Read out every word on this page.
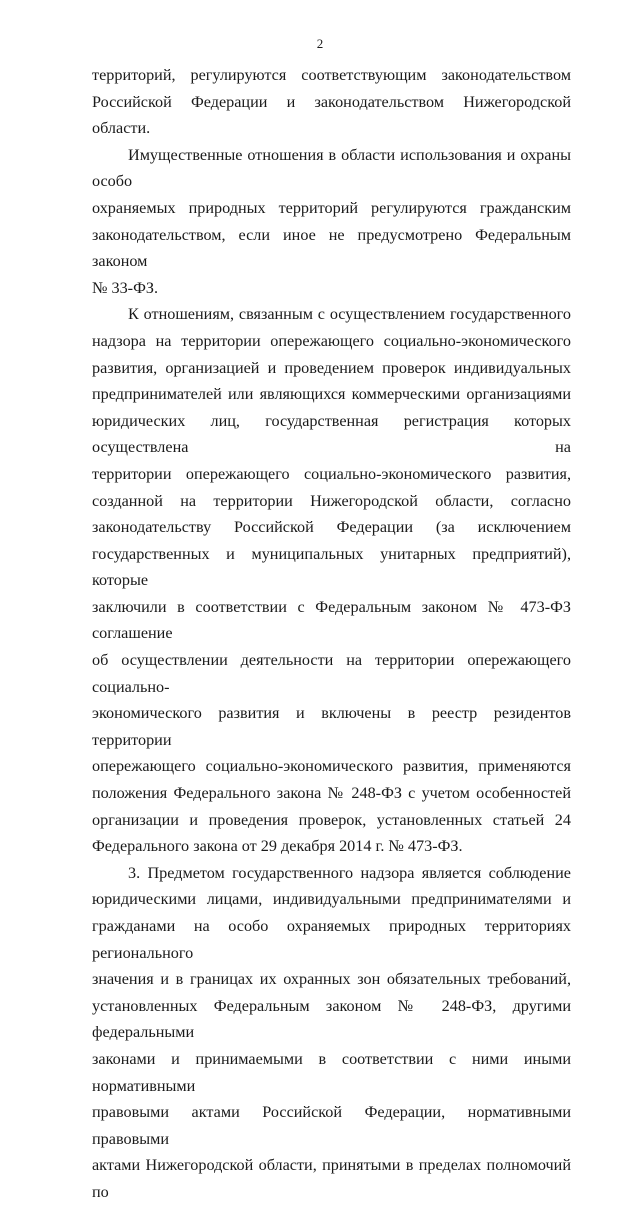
2

территорий, регулируются соответствующим законодательством

Российской Федерации и законодательством Нижегородской области.

Имущественные отношения в области использования и охраны особо

охраняемых природных территорий регулируются гражданским

законодательством, если иное не предусмотрено Федеральным законом

№ 33-ФЗ.

К отношениям, связанным с осуществлением государственного

надзора на территории опережающего социально-экономического

развития, организацией и проведением проверок индивидуальных

предпринимателей или являющихся коммерческими организациями

юридических лиц, государственная регистрация которых осуществлена на

территории опережающего социально-экономического развития,

созданной на территории Нижегородской области, согласно

законодательству Российской Федерации (за исключением

государственных и муниципальных унитарных предприятий), которые

заключили в соответствии с Федеральным законом № 473-ФЗ соглашение

об осуществлении деятельности на территории опережающего социально-

экономического развития и включены в реестр резидентов территории

опережающего социально-экономического развития, применяются

положения Федерального закона № 248-ФЗ с учетом особенностей

организации и проведения проверок, установленных статьей 24

Федерального закона от 29 декабря 2014 г. № 473-ФЗ.

3. Предметом государственного надзора является соблюдение

юридическими лицами, индивидуальными предпринимателями и

гражданами на особо охраняемых природных территориях регионального

значения и в границах их охранных зон обязательных требований,

установленных Федеральным законом № 248-ФЗ, другими федеральными

законами и принимаемыми в соответствии с ними иными нормативными

правовыми актами Российской Федерации, нормативными правовыми

актами Нижегородской области, принятыми в пределах полномочий по
